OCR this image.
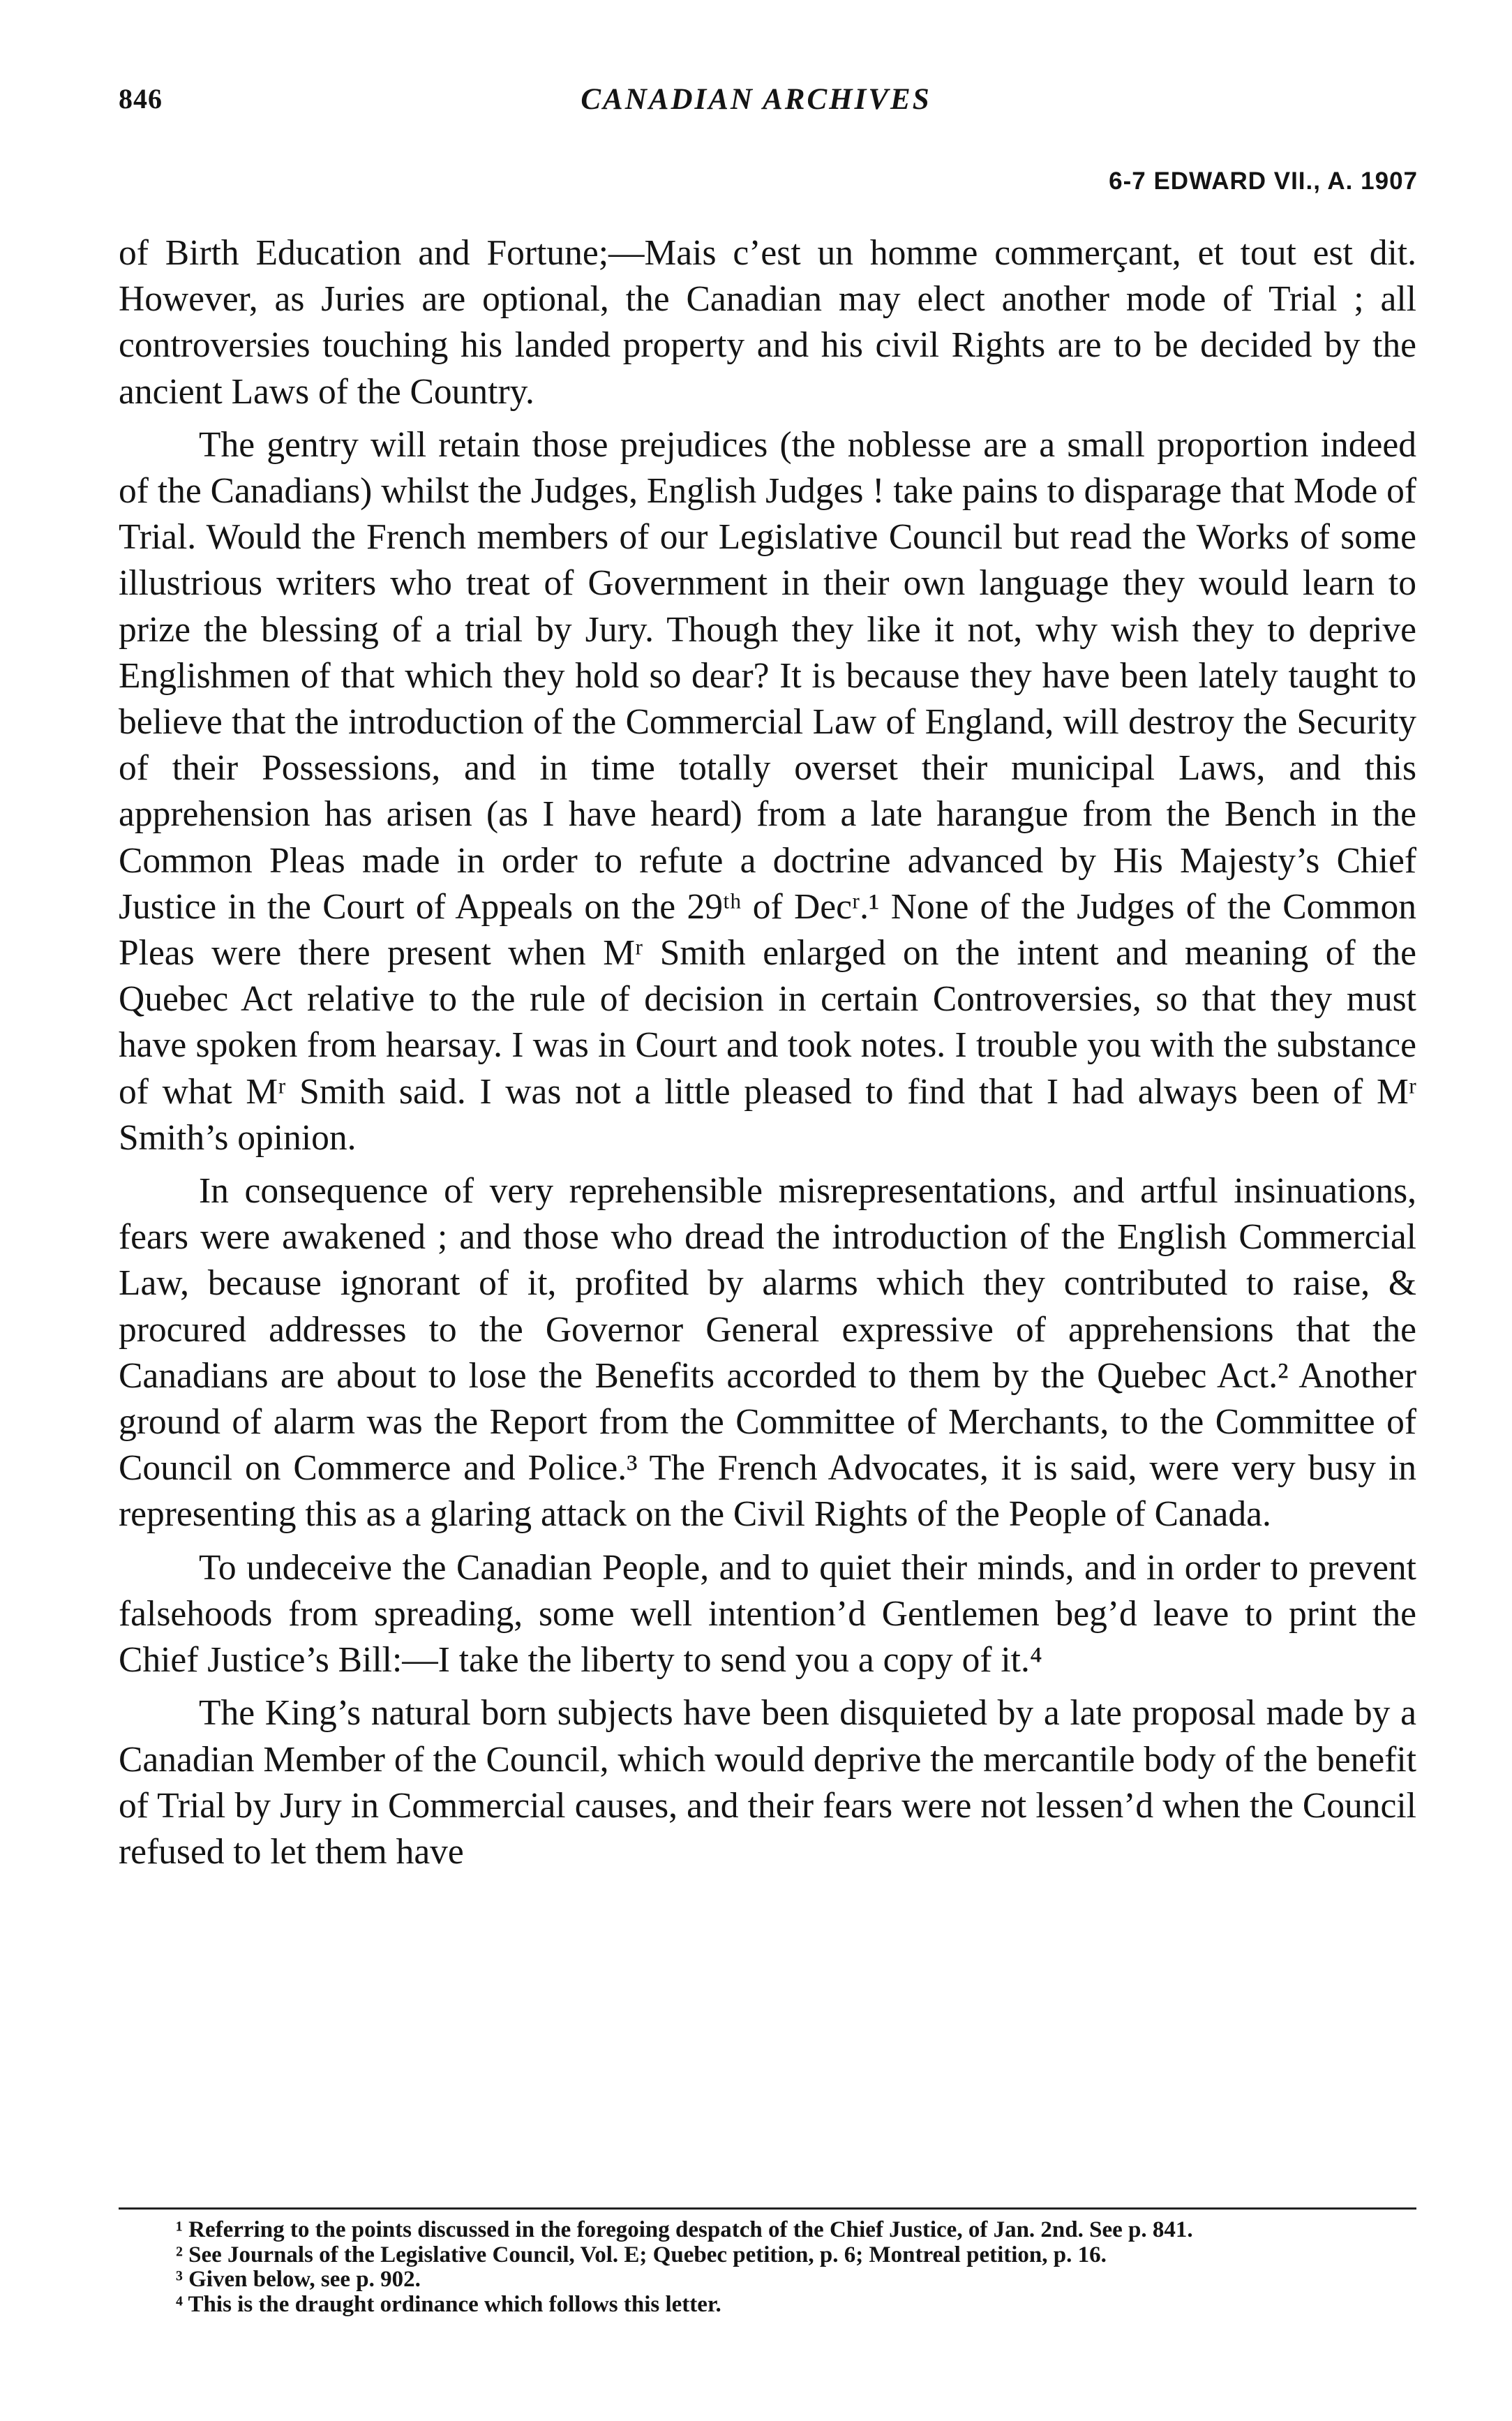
846	CANADIAN ARCHIVES
6-7 EDWARD VII., A. 1907

of Birth Education and Fortune;—Mais c’est un homme commerçant, et tout est dit. However, as Juries are optional, the Canadian may elect another mode of Trial ; all controversies touching his landed property and his civil Rights are to be decided by the ancient Laws of the Country.

The gentry will retain those prejudices (the noblesse are a small proportion indeed of the Canadians) whilst the Judges, English Judges ! take pains to disparage that Mode of Trial. Would the French members of our Legislative Council but read the Works of some illustrious writers who treat of Government in their own language they would learn to prize the blessing of a trial by Jury. Though they like it not, why wish they to deprive Englishmen of that which they hold so dear? It is because they have been lately taught to believe that the introduction of the Commercial Law of England, will destroy the Security of their Possessions, and in time totally overset their municipal Laws, and this apprehension has arisen (as I have heard) from a late harangue from the Bench in the Common Pleas made in order to refute a doctrine advanced by His Majesty’s Chief Justice in the Court of Appeals on the 29ᵗʰ of Decʳ.¹ None of the Judges of the Common Pleas were there present when Mʳ Smith enlarged on the intent and meaning of the Quebec Act relative to the rule of decision in certain Controversies, so that they must have spoken from hearsay. I was in Court and took notes. I trouble you with the substance of what Mʳ Smith said. I was not a little pleased to find that I had always been of Mʳ Smith’s opinion.

In consequence of very reprehensible misrepresentations, and artful insinuations, fears were awakened ; and those who dread the introduction of the English Commercial Law, because ignorant of it, profited by alarms which they contributed to raise, & procured addresses to the Governor General expressive of apprehensions that the Canadians are about to lose the Benefits accorded to them by the Quebec Act.² Another ground of alarm was the Report from the Committee of Merchants, to the Committee of Council on Commerce and Police.³ The French Advocates, it is said, were very busy in representing this as a glaring attack on the Civil Rights of the People of Canada.

To undeceive the Canadian People, and to quiet their minds, and in order to prevent falsehoods from spreading, some well intention’d Gentlemen beg’d leave to print the Chief Justice’s Bill:—I take the liberty to send you a copy of it.⁴

The King’s natural born subjects have been disquieted by a late proposal made by a Canadian Member of the Council, which would deprive the mercantile body of the benefit of Trial by Jury in Commercial causes, and their fears were not lessen’d when the Council refused to let them have

¹ Referring to the points discussed in the foregoing despatch of the Chief Justice, of Jan. 2nd. See p. 841.

² See Journals of the Legislative Council, Vol. E; Quebec petition, p. 6; Montreal petition, p. 16.

³ Given below, see p. 902.

⁴ This is the draught ordinance which follows this letter.
